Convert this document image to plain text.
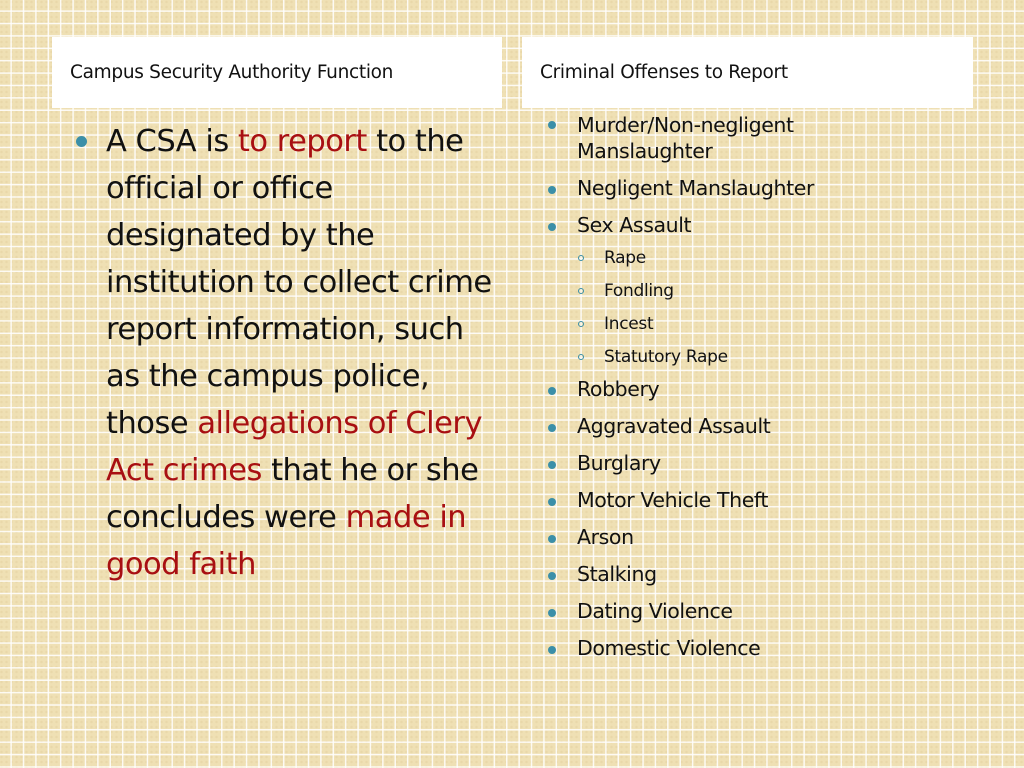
Campus Security Authority Function	Criminal Offenses to Report
A CSA is to report to the official or office designated by the institution to collect crime report information, such as the campus police, those allegations of Clery Act crimes that he or she concludes were made in good faith
Murder/Non-negligent Manslaughter
Negligent Manslaughter
Sex Assault
Rape
Fondling
Incest
Statutory Rape
Robbery
Aggravated Assault
Burglary
Motor Vehicle Theft
Arson
Stalking
Dating Violence
Domestic Violence
